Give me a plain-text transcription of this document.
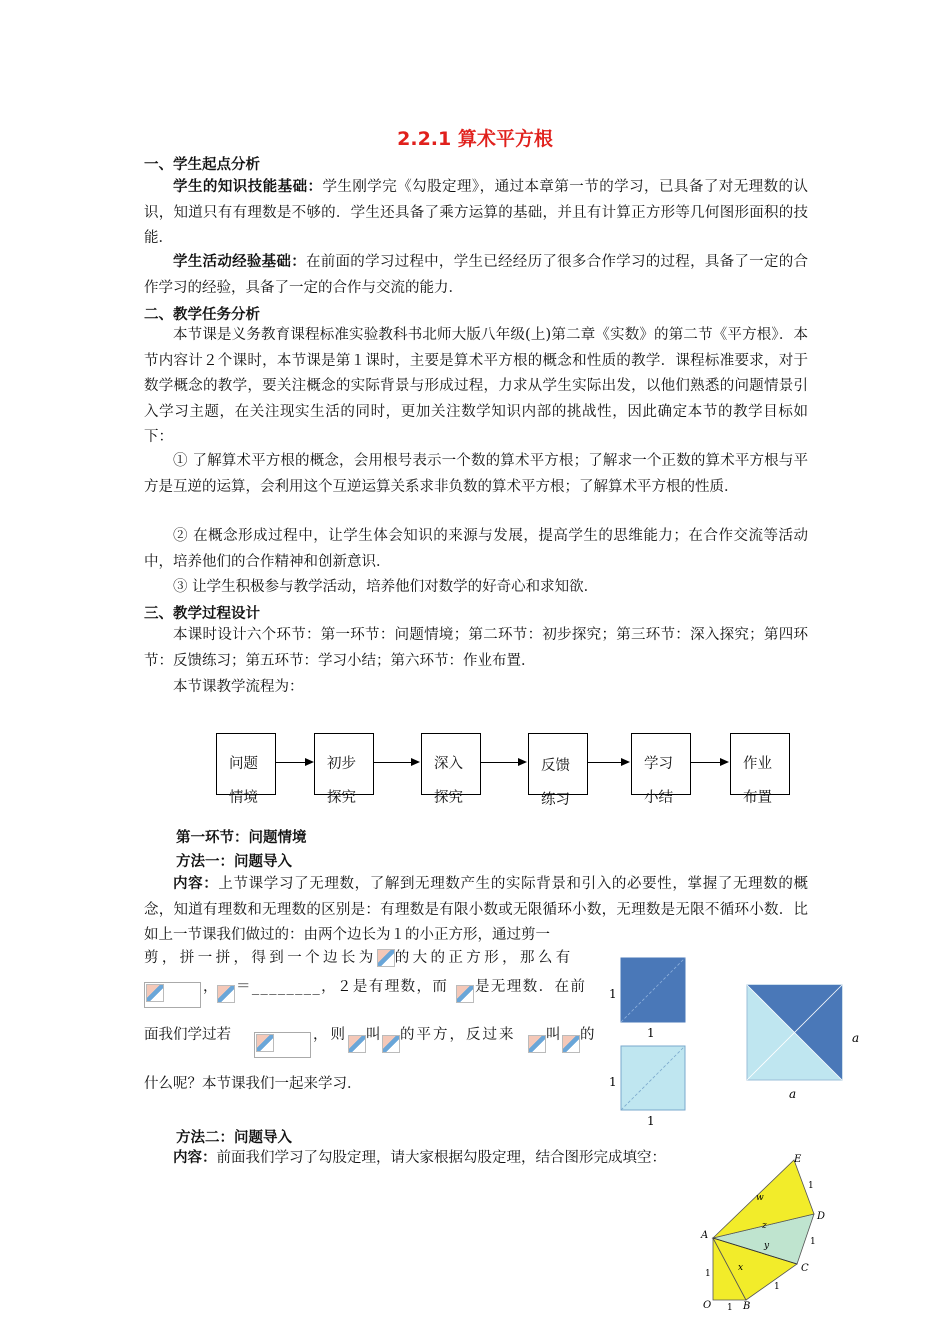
2.2.1 算术平方根
一、学生起点分析
学生的知识技能基础：学生刚学完《勾股定理》，通过本章第一节的学习，已具备了对无理数的认识，知道只有有理数是不够的．学生还具备了乘方运算的基础，并且有计算正方形等几何图形面积的技能．
学生活动经验基础：在前面的学习过程中，学生已经经历了很多合作学习的过程，具备了一定的合作学习的经验，具备了一定的合作与交流的能力．
二、教学任务分析
本节课是义务教育课程标准实验教科书北师大版八年级(上)第二章《实数》的第二节《平方根》．本节内容计２个课时，本节课是第１课时，主要是算术平方根的概念和性质的教学．课程标准要求，对于数学概念的教学，要关注概念的实际背景与形成过程，力求从学生实际出发，以他们熟悉的问题情景引入学习主题，在关注现实生活的同时，更加关注数学知识内部的挑战性，因此确定本节的教学目标如下：
① 了解算术平方根的概念，会用根号表示一个数的算术平方根；了解求一个正数的算术平方根与平方是互逆的运算，会利用这个互逆运算关系求非负数的算术平方根；了解算术平方根的性质．
② 在概念形成过程中，让学生体会知识的来源与发展，提高学生的思维能力；在合作交流等活动中，培养他们的合作精神和创新意识．
③ 让学生积极参与教学活动，培养他们对数学的好奇心和求知欲．
三、教学过程设计
本课时设计六个环节：第一环节：问题情境；第二环节：初步探究；第三环节：深入探究；第四环节：反馈练习；第五环节：学习小结；第六环节：作业布置．
本节课教学流程为：
问题
情境
初步
探究
深入
探究
反馈
练习
学习
小结
作业
布置
第一环节：问题情境
方法一：问题导入
内容：上节课学习了无理数，了解到无理数产生的实际背景和引入的必要性，掌握了无理数的概念，知道有理数和无理数的区别是：有理数是有限小数或无限循环小数，无理数是无限不循环小数．比如上一节课我们做过的：由两个边长为１的小正方形，通过剪一
剪，拼一拼，得到一个边长为 的大的正方形，那么有
， ＝________，２是有理数，而 是无理数．在前
面我们学过若	，则 叫 的平方，反过来 叫 的
什么呢？本节课我们一起来学习．
1
1
1
1
a
a
方法二：问题导入
内容：前面我们学习了勾股定理，请大家根据勾股定理，结合图形完成填空：
O
A
B
C
D
E
x
y
z
w
1
1
1
1
1
